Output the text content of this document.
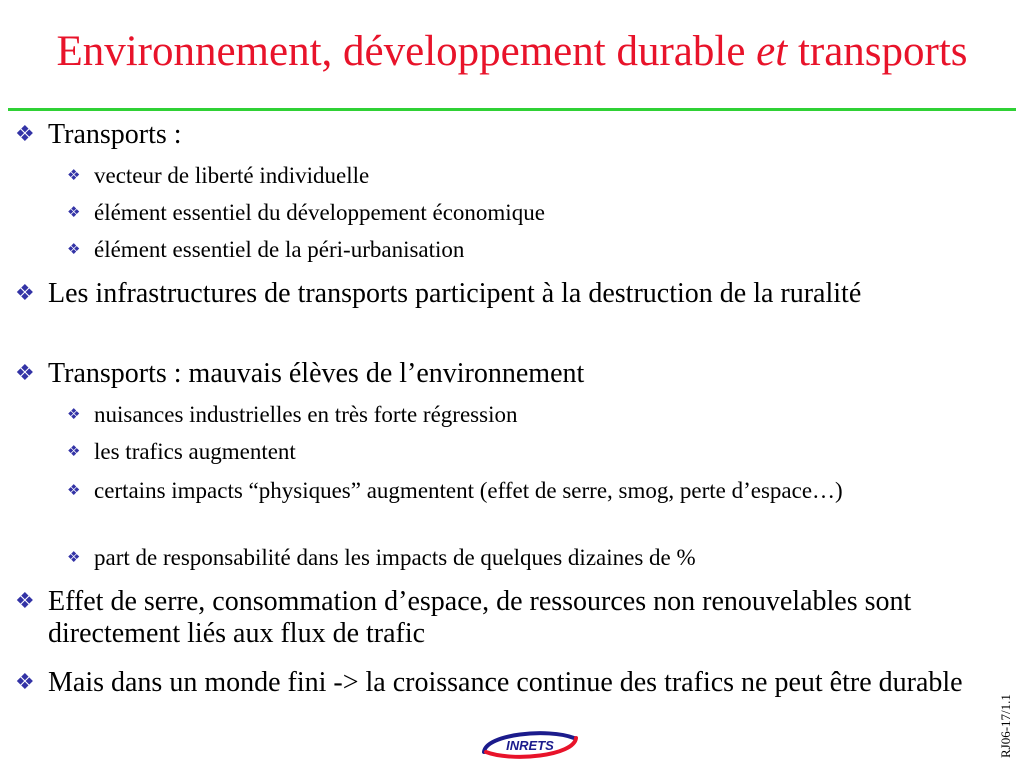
Environnement, développement durable et transports
❖ Transports :
❖ vecteur de liberté individuelle
❖ élément essentiel du développement économique
❖ élément essentiel de la péri-urbanisation
❖ Les infrastructures de transports participent à la destruction de la ruralité
❖ Transports : mauvais élèves de l’environnement
❖ nuisances industrielles en très forte régression
❖ les trafics augmentent
❖ certains impacts “physiques” augmentent (effet de serre, smog, perte d’espace…)
❖ part de responsabilité dans les impacts de quelques dizaines de %
❖ Effet de serre, consommation d’espace, de ressources non renouvelables sont directement liés aux flux de trafic
❖ Mais dans un monde fini -> la croissance continue des trafics ne peut être durable
RJ06-17/1.1
INRETS
